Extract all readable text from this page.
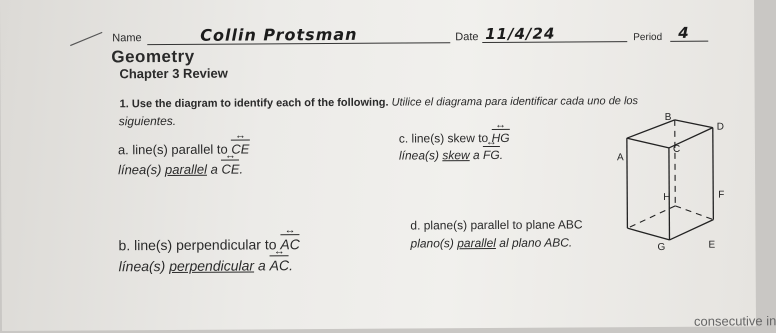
Name	Collin Protsman	Date 11/4/24	Period 4
Geometry
Chapter 3 Review
1. Use the diagram to identify each of the following. Utilice el diagrama para identificar cada uno de los
siguientes.
a. line(s) parallel to CE ↔
línea(s) parallel a CE ↔.
c. line(s) skew to HG ↔
línea(s) skew a FG ↔.
b. line(s) perpendicular to AC ↔
línea(s) perpendicular a AC ↔.
d. plane(s) parallel to plane ABC
plano(s) parallel al plano ABC.
B
D
A
C
H	F
G	E
consecutive in
